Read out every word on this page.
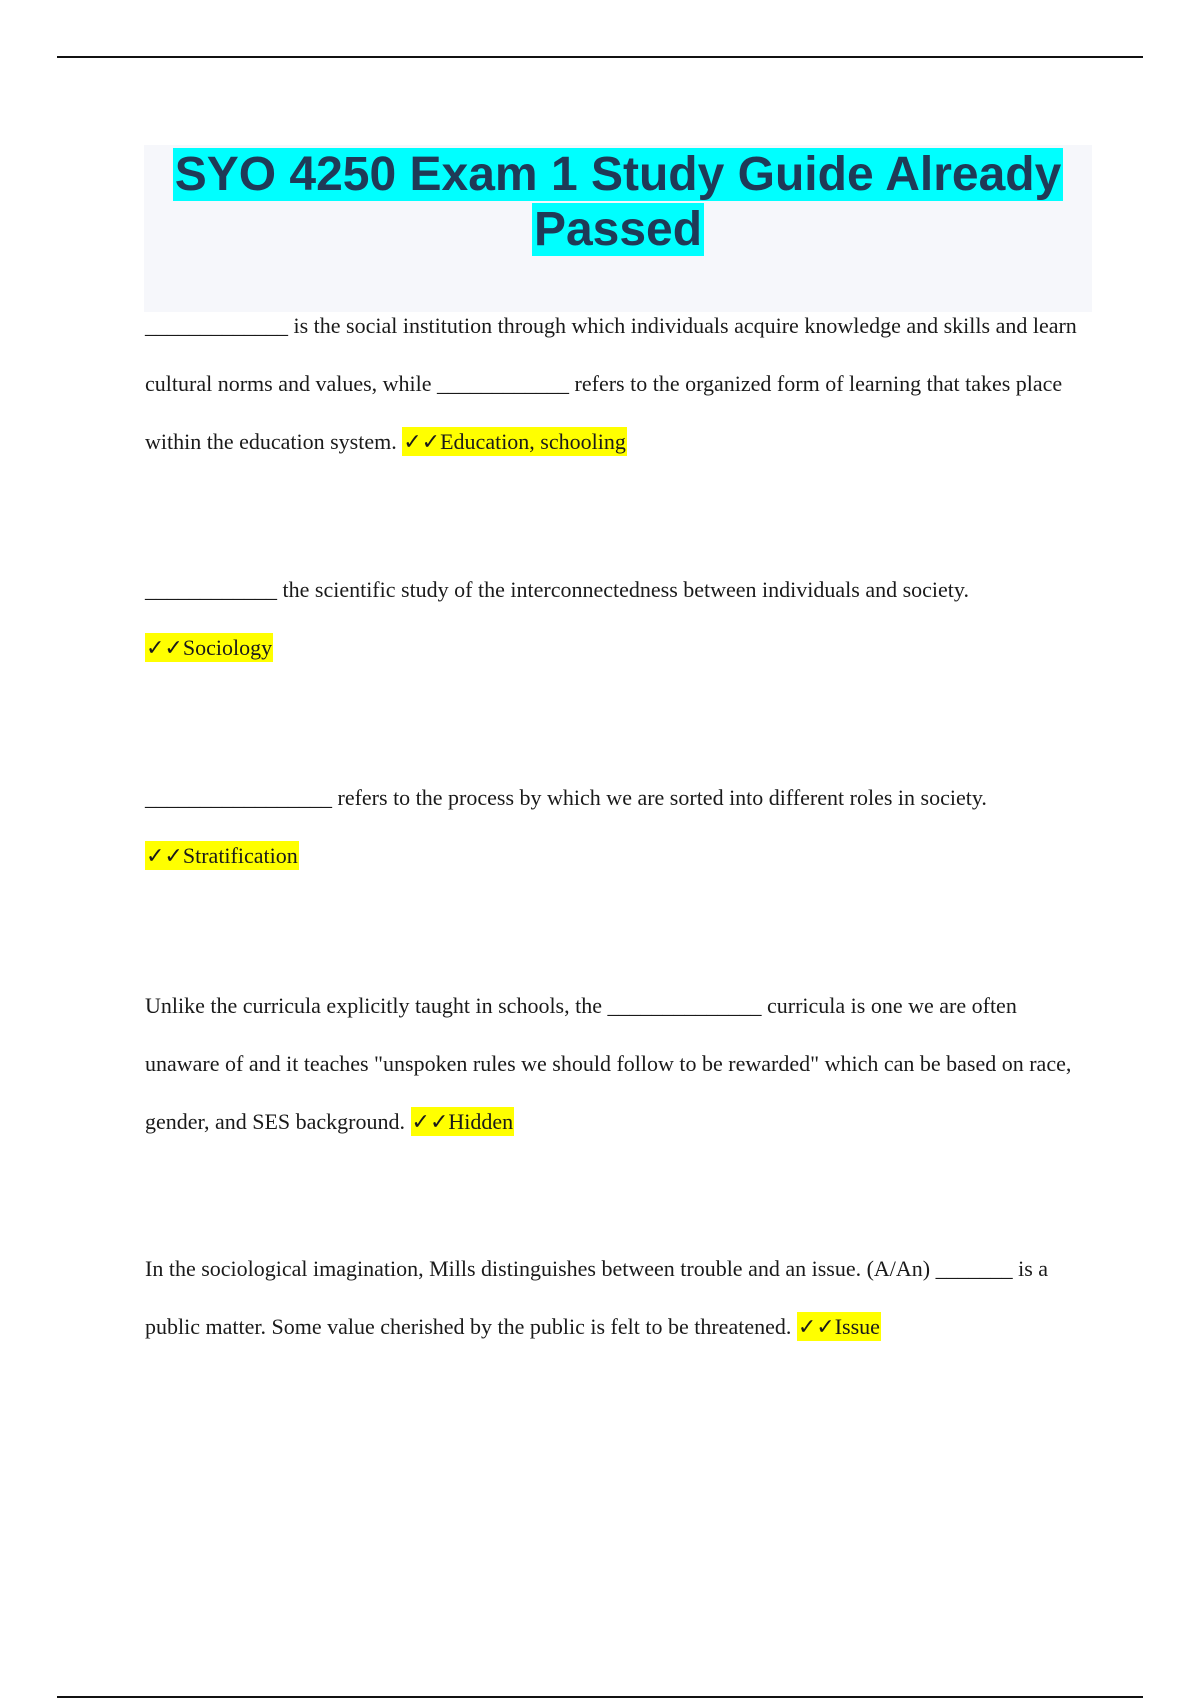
SYO 4250 Exam 1 Study Guide Already Passed
_____________ is the social institution through which individuals acquire knowledge and skills and learn cultural norms and values, while ____________ refers to the organized form of learning that takes place within the education system. ✓✓Education, schooling
____________ the scientific study of the interconnectedness between individuals and society.
✓✓Sociology
_________________ refers to the process by which we are sorted into different roles in society.
✓✓Stratification
Unlike the curricula explicitly taught in schools, the ______________ curricula is one we are often unaware of and it teaches "unspoken rules we should follow to be rewarded" which can be based on race, gender, and SES background. ✓✓Hidden
In the sociological imagination, Mills distinguishes between trouble and an issue. (A/An) _______ is a public matter. Some value cherished by the public is felt to be threatened. ✓✓Issue
